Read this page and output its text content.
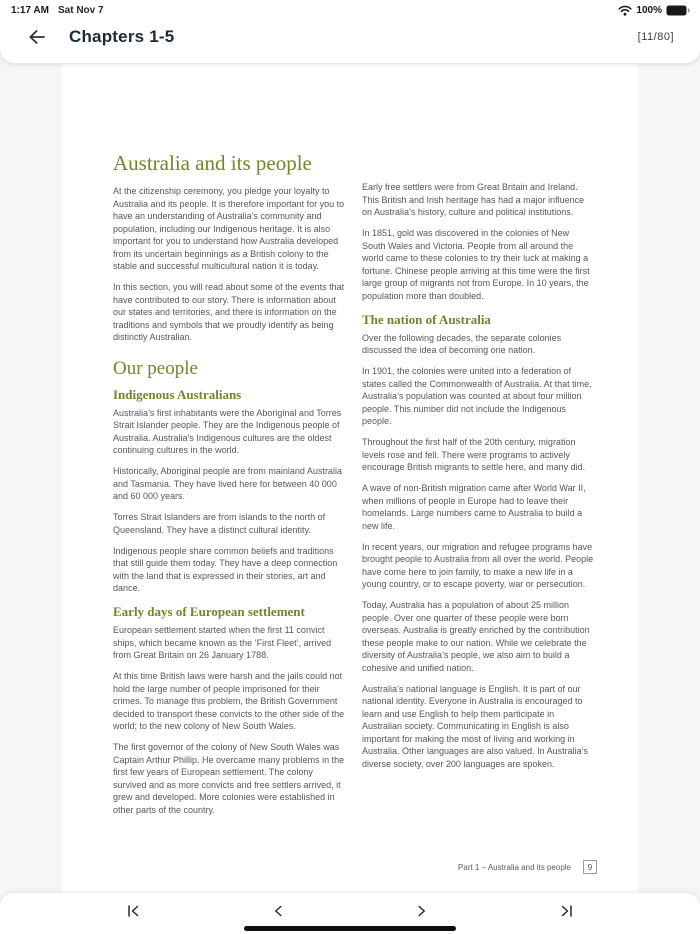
1:17 AM Sat Nov 7	100%
Chapters 1-5	[11/80]
Australia and its people

At the citizenship ceremony, you pledge your loyalty to Australia and its people. It is therefore important for you to have an understanding of Australia’s community and population, including our Indigenous heritage. It is also important for you to understand how Australia developed from its uncertain beginnings as a British colony to the stable and successful multicultural nation it is today.

In this section, you will read about some of the events that have contributed to our story. There is information about our states and territories, and there is information on the traditions and symbols that we proudly identify as being distinctly Australian.

Our people
Indigenous Australians

Australia’s first inhabitants were the Aboriginal and Torres Strait Islander people. They are the Indigenous people of Australia. Australia’s Indigenous cultures are the oldest continuing cultures in the world.

Historically, Aboriginal people are from mainland Australia and Tasmania. They have lived here for between 40 000 and 60 000 years.

Torres Strait Islanders are from islands to the north of Queensland. They have a distinct cultural identity.

Indigenous people share common beliefs and traditions that still guide them today. They have a deep connection with the land that is expressed in their stories, art and dance.

Early days of European settlement

European settlement started when the first 11 convict ships, which became known as the ‘First Fleet’, arrived from Great Britain on 26 January 1788.

At this time British laws were harsh and the jails could not hold the large number of people imprisoned for their crimes. To manage this problem, the British Government decided to transport these convicts to the other side of the world; to the new colony of New South Wales.

The first governor of the colony of New South Wales was Captain Arthur Phillip. He overcame many problems in the first few years of European settlement. The colony survived and as more convicts and free settlers arrived, it grew and developed. More colonies were established in other parts of the country.

Early free settlers were from Great Britain and Ireland. This British and Irish heritage has had a major influence on Australia’s history, culture and political institutions.

In 1851, gold was discovered in the colonies of New South Wales and Victoria. People from all around the world came to these colonies to try their luck at making a fortune. Chinese people arriving at this time were the first large group of migrants not from Europe. In 10 years, the population more than doubled.

The nation of Australia

Over the following decades, the separate colonies discussed the idea of becoming one nation.

In 1901, the colonies were united into a federation of states called the Commonwealth of Australia. At that time, Australia’s population was counted at about four million people. This number did not include the Indigenous people.

Throughout the first half of the 20th century, migration levels rose and fell. There were programs to actively encourage British migrants to settle here, and many did.

A wave of non-British migration came after World War II, when millions of people in Europe had to leave their homelands. Large numbers came to Australia to build a new life.

In recent years, our migration and refugee programs have brought people to Australia from all over the world. People have come here to join family, to make a new life in a young country, or to escape poverty, war or persecution.

Today, Australia has a population of about 25 million people. Over one quarter of these people were born overseas. Australia is greatly enriched by the contribution these people make to our nation. While we celebrate the diversity of Australia’s people, we also aim to build a cohesive and unified nation.

Australia’s national language is English. It is part of our national identity. Everyone in Australia is encouraged to learn and use English to help them participate in Australian society. Communicating in English is also important for making the most of living and working in Australia. Other languages are also valued. In Australia’s diverse society, over 200 languages are spoken.

Part 1 – Australia and its people	9
